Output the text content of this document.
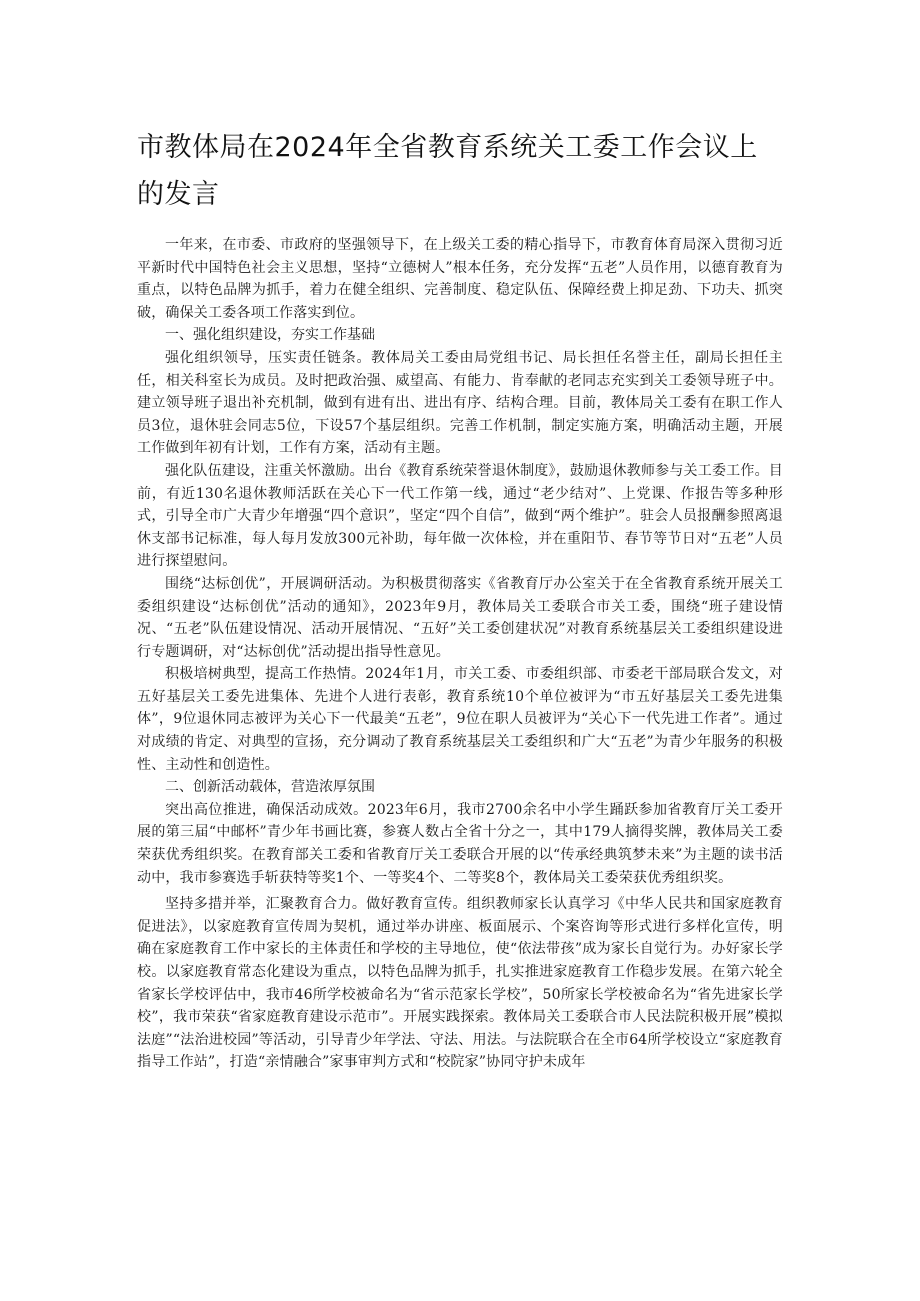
市教体局在2024年全省教育系统关工委工作会议上的发言

一年来，在市委、市政府的坚强领导下，在上级关工委的精心指导下，市教育体育局深入贯彻习近平新时代中国特色社会主义思想，坚持“立德树人”根本任务，充分发挥“五老”人员作用，以德育教育为重点，以特色品牌为抓手，着力在健全组织、完善制度、稳定队伍、保障经费上抑足劲、下功夫、抓突破，确保关工委各项工作落实到位。

一、强化组织建设，夯实工作基础

强化组织领导，压实责任链条。教体局关工委由局党组书记、局长担任名誉主任，副局长担任主任，相关科室长为成员。及时把政治强、威望高、有能力、肯奉献的老同志充实到关工委领导班子中。建立领导班子退出补充机制，做到有进有出、进出有序、结构合理。目前，教体局关工委有在职工作人员3位，退休驻会同志5位，下设57个基层组织。完善工作机制，制定实施方案，明确活动主题，开展工作做到年初有计划，工作有方案，活动有主题。

强化队伍建设，注重关怀激励。出台《教育系统荣誉退休制度》，鼓励退休教师参与关工委工作。目前，有近130名退休教师活跃在关心下一代工作第一线，通过“老少结对”、上党课、作报告等多种形式，引导全市广大青少年增强“四个意识”，坚定“四个自信”，做到“两个维护”。驻会人员报酬参照离退休支部书记标准，每人每月发放300元补助，每年做一次体检，并在重阳节、春节等节日对“五老”人员进行探望慰问。

围绕“达标创优”，开展调研活动。为积极贯彻落实《省教育厅办公室关于在全省教育系统开展关工委组织建设“达标创优”活动的通知》，2023年9月，教体局关工委联合市关工委，围绕“班子建设情况、“五老”队伍建设情况、活动开展情况、“五好”关工委创建状况”对教育系统基层关工委组织建设进行专题调研，对“达标创优”活动提出指导性意见。

积极培树典型，提高工作热情。2024年1月，市关工委、市委组织部、市委老干部局联合发文，对五好基层关工委先进集体、先进个人进行表彰，教育系统10个单位被评为“市五好基层关工委先进集体”，9位退休同志被评为关心下一代最美“五老”，9位在职人员被评为“关心下一代先进工作者”。通过对成绩的肯定、对典型的宣扬，充分调动了教育系统基层关工委组织和广大“五老”为青少年服务的积极性、主动性和创造性。

二、创新活动载体，营造浓厚氛围

突出高位推进，确保活动成效。2023年6月，我市2700余名中小学生踊跃参加省教育厅关工委开展的第三届“中邮杯”青少年书画比赛，参赛人数占全省十分之一，其中179人摘得奖牌，教体局关工委荣获优秀组织奖。在教育部关工委和省教育厅关工委联合开展的以“传承经典筑梦未来”为主题的读书活动中，我市参赛选手斩获特等奖1个、一等奖4个、二等奖8个，教体局关工委荣获优秀组织奖。

坚持多措并举，汇聚教育合力。做好教育宣传。组织教师家长认真学习《中华人民共和国家庭教育促进法》，以家庭教育宣传周为契机，通过举办讲座、板面展示、个案咨询等形式进行多样化宣传，明确在家庭教育工作中家长的主体责任和学校的主导地位，使“依法带孩”成为家长自觉行为。办好家长学校。以家庭教育常态化建设为重点，以特色品牌为抓手，扎实推进家庭教育工作稳步发展。在第六轮全省家长学校评估中，我市46所学校被命名为“省示范家长学校”，50所家长学校被命名为“省先进家长学校”，我市荣获“省家庭教育建设示范市”。开展实践探索。教体局关工委联合市人民法院积极开展”模拟法庭”“法治进校园”等活动，引导青少年学法、守法、用法。与法院联合在全市64所学校设立“家庭教育指导工作站”，打造“亲情融合”家事审判方式和“校院家”协同守护未成年
